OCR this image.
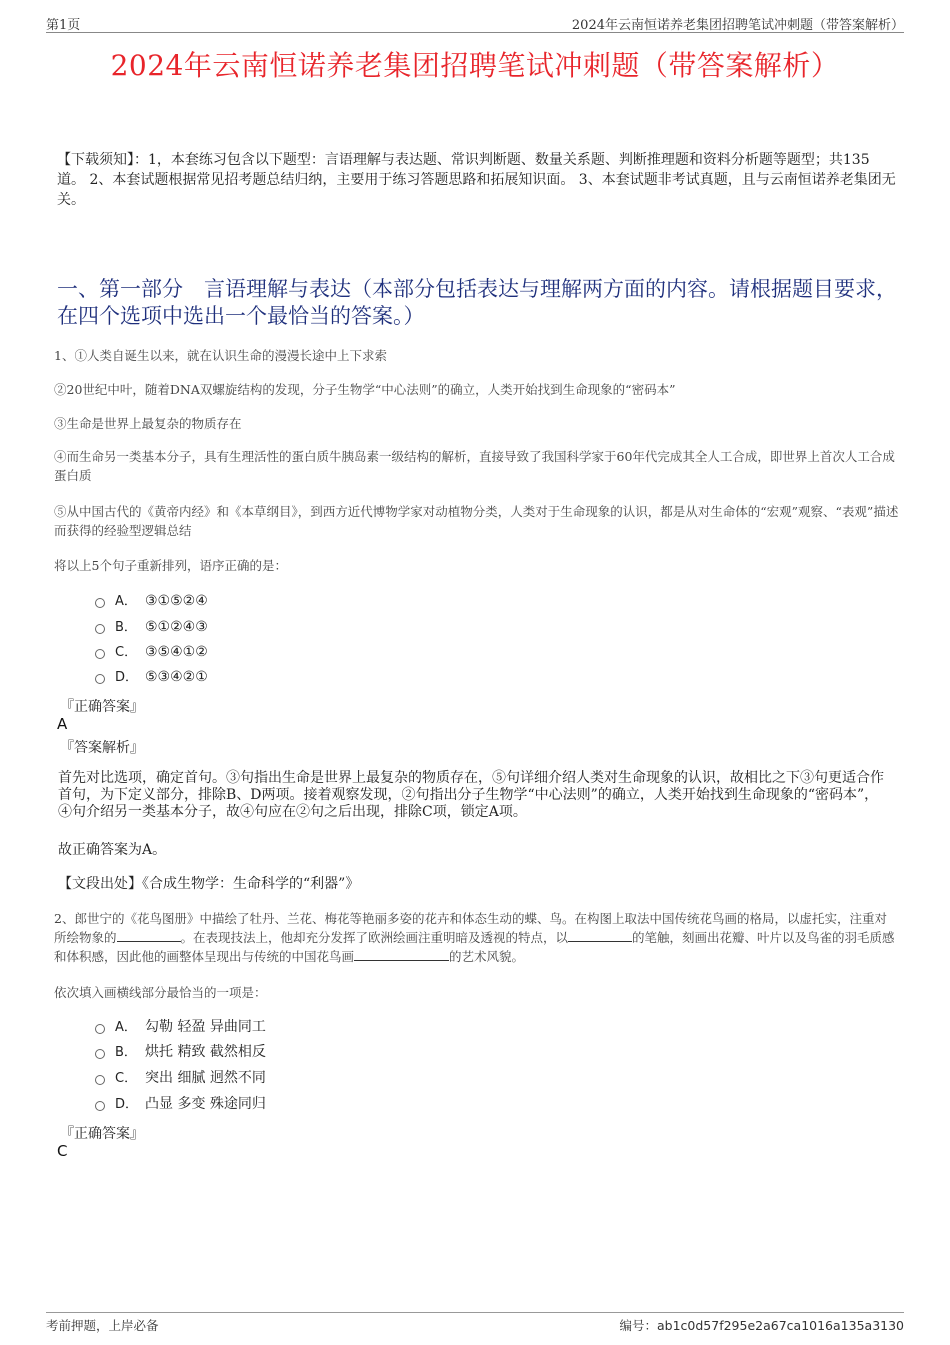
第1页	2024年云南恒诺养老集团招聘笔试冲刺题（带答案解析）
2024年云南恒诺养老集团招聘笔试冲刺题（带答案解析）
【下载须知】：1，本套练习包含以下题型：言语理解与表达题、常识判断题、数量关系题、判断推理题和资料分析题等题型；共135道。 2、本套试题根据常见招考题总结归纳，主要用于练习答题思路和拓展知识面。 3、本套试题非考试真题，且与云南恒诺养老集团无关。
一、第一部分　言语理解与表达（本部分包括表达与理解两方面的内容。请根据题目要求，在四个选项中选出一个最恰当的答案。）
1、①人类自诞生以来，就在认识生命的漫漫长途中上下求索
②20世纪中叶，随着DNA双螺旋结构的发现，分子生物学“中心法则”的确立，人类开始找到生命现象的“密码本”
③生命是世界上最复杂的物质存在
④而生命另一类基本分子，具有生理活性的蛋白质牛胰岛素一级结构的解析，直接导致了我国科学家于60年代完成其全人工合成，即世界上首次人工合成蛋白质
⑤从中国古代的《黄帝内经》和《本草纲目》，到西方近代博物学家对动植物分类，人类对于生命现象的认识，都是从对生命体的“宏观”观察、“表观”描述而获得的经验型逻辑总结
将以上5个句子重新排列，语序正确的是：
A． ③①⑤②④
B． ⑤①②④③
C． ③⑤④①②
D． ⑤③④②①
『正确答案』
A
『答案解析』
首先对比选项，确定首句。③句指出生命是世界上最复杂的物质存在，⑤句详细介绍人类对生命现象的认识，故相比之下③句更适合作首句，为下定义部分，排除B、D两项。接着观察发现，②句指出分子生物学“中心法则”的确立，人类开始找到生命现象的“密码本”，④句介绍另一类基本分子，故④句应在②句之后出现，排除C项，锁定A项。
故正确答案为A。
【文段出处】《合成生物学：生命科学的“利器”》
2、郎世宁的《花鸟图册》中描绘了牡丹、兰花、梅花等艳丽多姿的花卉和体态生动的蝶、鸟。在构图上取法中国传统花鸟画的格局，以虚托实，注重对所绘物象的	。在表现技法上，他却充分发挥了欧洲绘画注重明暗及透视的特点，以	的笔触，刻画出花瓣、叶片以及鸟雀的羽毛质感和体积感，因此他的画整体呈现出与传统的中国花鸟画	的艺术风貌。
依次填入画横线部分最恰当的一项是：
A． 勾勒 轻盈 异曲同工
B． 烘托 精致 截然相反
C． 突出 细腻 迥然不同
D． 凸显 多变 殊途同归
『正确答案』
C
考前押题，上岸必备	编号：ab1c0d57f295e2a67ca1016a135a3130
